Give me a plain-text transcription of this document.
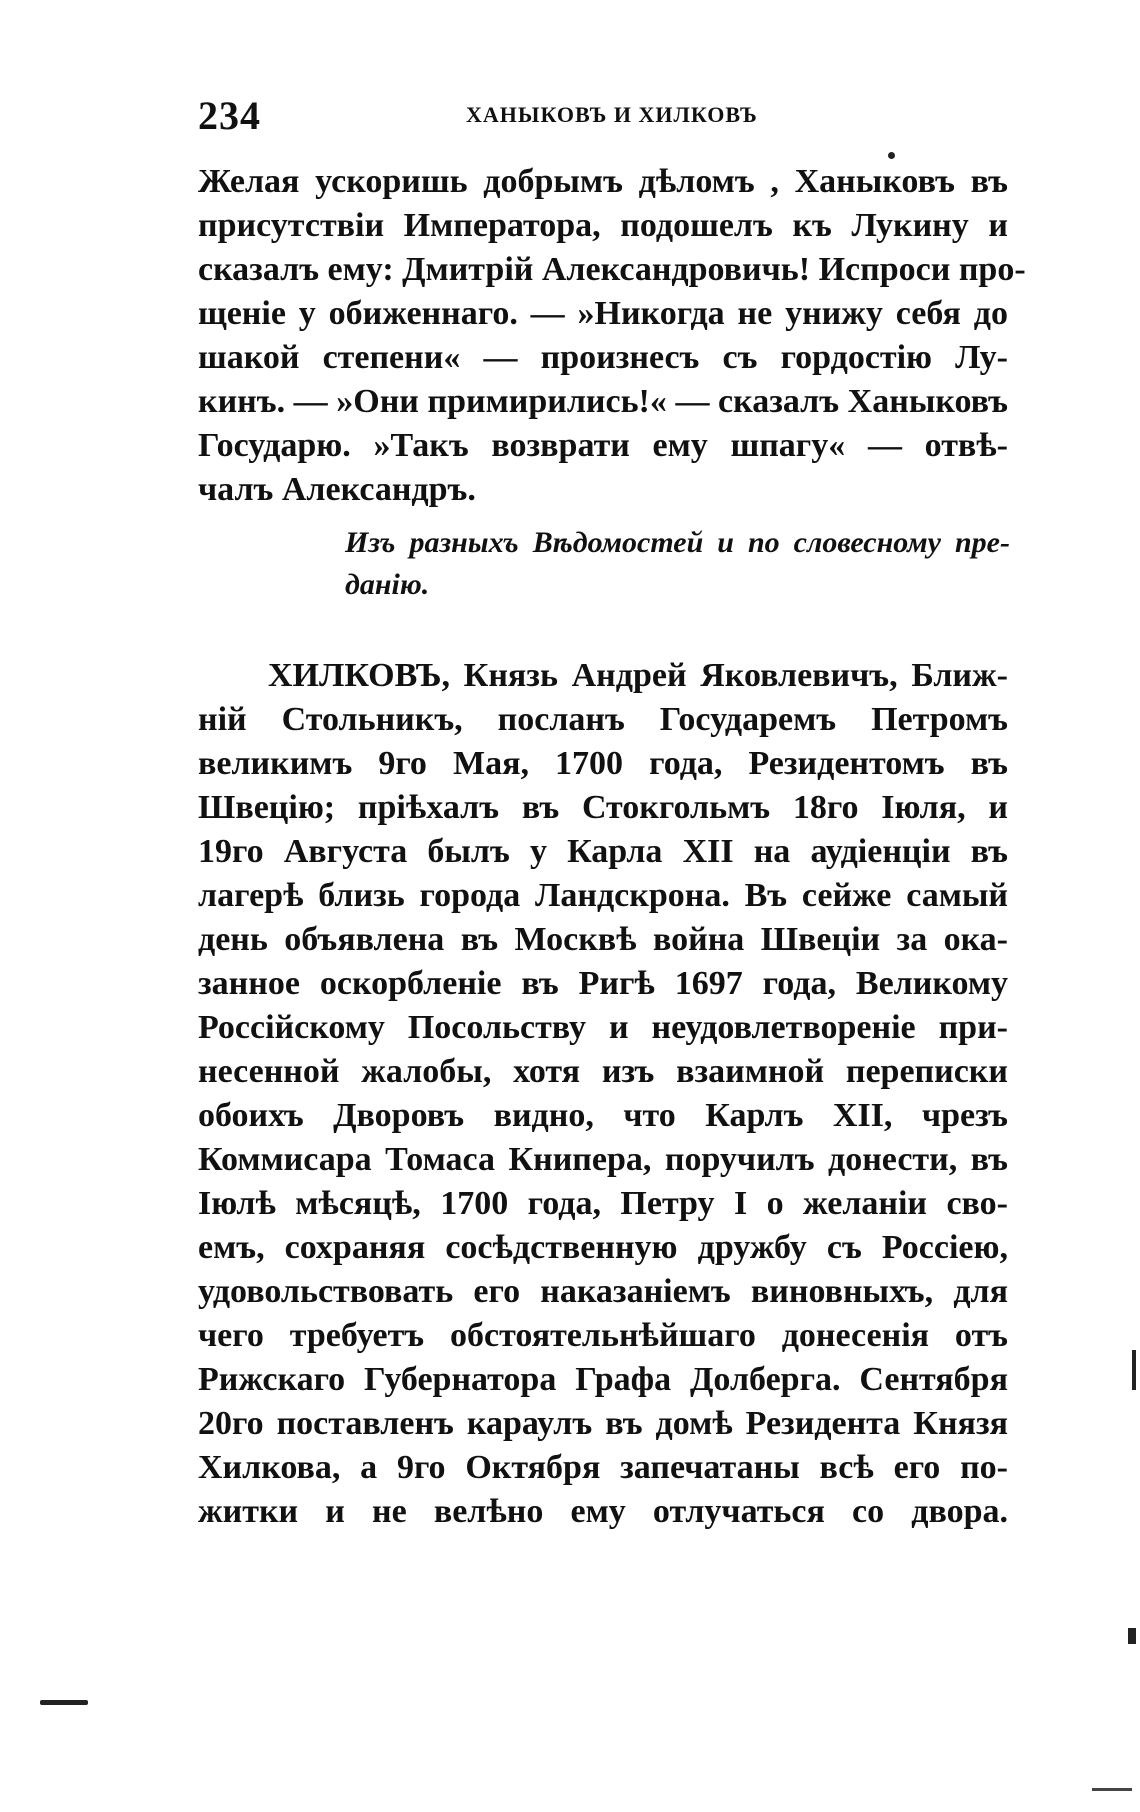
234	ХАНЫКОВЪ И ХИЛКОВЪ
Желая ускоришь добрымъ дѣломъ , Ханыковъ въ
присутствіи Императора, подошелъ къ Лукину и
сказалъ ему: Дмитрій Александровичь! Испроси про-
щеніе у обиженнаго. — »Никогда не унижу себя до
шакой степени« — произнесъ съ гордостію Лу-
кинъ. — »Они примирились!« — сказалъ Ханыковъ
Государю. »Такъ возврати ему шпагу« — отвѣ-
чалъ Александръ.
Изъ разныхъ Вѣдомостей и по словесному пре-
данію.
ХИЛКОВЪ, Князь Андрей Яковлевичъ, Ближ-
ній Стольникъ, посланъ Государемъ Петромъ
великимъ 9го Мая, 1700 года, Резидентомъ въ
Швецію; пріѣхалъ въ Стокгольмъ 18го Іюля, и
19го Августа былъ у Карла XII на аудіенціи въ
лагерѣ близь города Ландскрона. Въ сейже самый
день объявлена въ Москвѣ война Швеціи за ока-
занное оскорбленіе въ Ригѣ 1697 года, Великому
Россійскому Посольству и неудовлетвореніе при-
несенной жалобы, хотя изъ взаимной переписки
обоихъ Дворовъ видно, что Карлъ XII, чрезъ
Коммисара Томаса Книпера, поручилъ донести, въ
Іюлѣ мѣсяцѣ, 1700 года, Петру I о желаніи сво-
емъ, сохраняя сосѣдственную дружбу съ Россіею,
удовольствовать его наказаніемъ виновныхъ, для
чего требуетъ обстоятельнѣйшаго донесенія отъ
Рижскаго Губернатора Графа Долберга. Сентября
20го поставленъ караулъ въ домѣ Резидента Князя
Хилкова, а 9го Октября запечатаны всѣ его по-
житки и не велѣно ему отлучаться со двора.
